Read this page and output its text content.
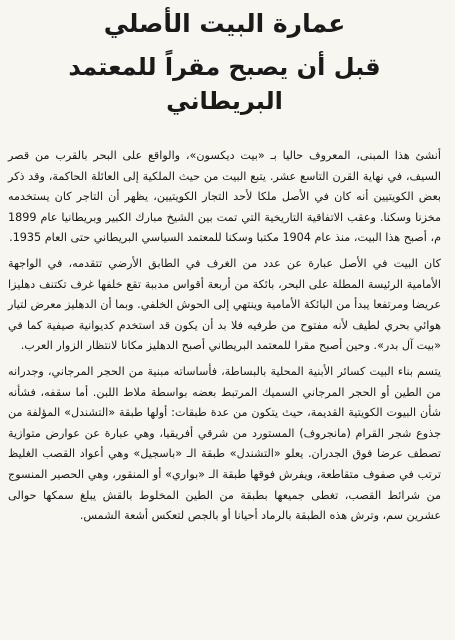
عمارة البيت الأصلي
قبل أن يصبح مقراً للمعتمد البريطاني

أنشئ هذا المبنى، المعروف حاليا بـ «بيت ديكسون»، والواقع على البحر بالقرب من قصر السيف، في نهاية القرن التاسع عشر. يتبع البيت من حيث الملكية إلى العائلة الحاكمة، وقد ذكر بعض الكويتيين أنه كان في الأصل ملكا لأحد التجار الكويتيين، يظهر أن التاجر كان يستخدمه مخزنا وسكنا. وعقب الاتفاقية التاريخية التي تمت بين الشيخ مبارك الكبير وبريطانيا عام 1899 م، أصبح هذا البيت، منذ عام 1904 مكتبا وسكنا للمعتمد السياسي البريطاني حتى العام 1935.

كان البيت في الأصل عبارة عن عدد من الغرف في الطابق الأرضي تتقدمه، في الواجهة الأمامية الرئيسة المطلة على البحر، بائكة من أربعة أقواس مدببة تقع خلفها غرف تكتنف دهليزا عريضا ومرتفعا يبدأ من البائكة الأمامية وينتهي إلى الحوش الخلفي. وبما أن الدهليز معرض لتيار هوائي بحري لطيف لأنه مفتوح من طرفيه فلا بد أن يكون قد استخدم كديوانية صيفية كما في «بيت آل بدر». وحين أصبح مقرا للمعتمد البريطاني أصبح الدهليز مكانا لانتظار الزوار العرب.

يتسم بناء البيت كسائر الأبنية المحلية بالبساطة، فأساساته مبنية من الحجر المرجاني، وجدرانه من الطين أو الحجر المرجاني السميك المرتبط بعضه بواسطة ملاط اللبن. أما سقفه، فشأنه شأن البيوت الكويتية القديمة، حيث يتكون من عدة طبقات: أولها طبقة «التشندل» المؤلفة من جذوع شجر القرام (مانجروف) المستورد من شرقي أفريقيا، وهي عبارة عن عوارض متوازية تصطف عرضا فوق الجدران. يعلو «التشندل» طبقة الـ «باسجيل» وهي أعواد القصب الغليظ ترتب في صفوف متقاطعة، ويفرش فوقها طبقة الـ «بواري» أو المنقور، وهي الحصير المنسوج من شرائط القصب، تغطى جميعها بطبقة من الطين المخلوط بالقش يبلغ سمكها حوالى عشرين سم، وترش هذه الطبقة بالرماد أحيانا أو بالجص لتعكس أشعة الشمس.
